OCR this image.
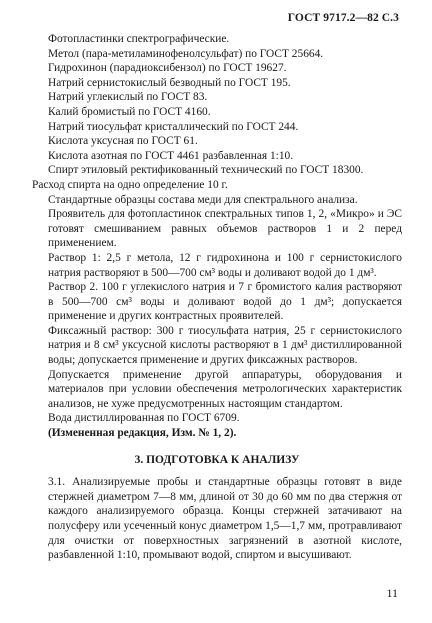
ГОСТ 9717.2—82 С.3
Фотопластинки спектрографические.
Метол (пара-метиламинофенолсульфат) по ГОСТ 25664.
Гидрохинон (парадиоксибензол) по ГОСТ 19627.
Натрий сернистокислый безводный по ГОСТ 195.
Натрий углекислый по ГОСТ 83.
Калий бромистый по ГОСТ 4160.
Натрий тиосульфат кристаллический по ГОСТ 244.
Кислота уксусная по ГОСТ 61.
Кислота азотная по ГОСТ 4461 разбавленная 1:10.
Спирт этиловый ректификованный технический по ГОСТ 18300.
Расход спирта на одно определение 10 г.
Стандартные образцы состава меди для спектрального анализа.
Проявитель для фотопластинок спектральных типов 1, 2, «Микро» и ЭС готовят смешиванием равных объемов растворов 1 и 2 перед применением.
Раствор 1: 2,5 г метола, 12 г гидрохинона и 100 г сернистокислого натрия растворяют в 500—700 см³ воды и доливают водой до 1 дм³.
Раствор 2. 100 г углекислого натрия и 7 г бромистого калия растворяют в 500—700 см³ воды и доливают водой до 1 дм³; допускается применение и других контрастных проявителей.
Фиксажный раствор: 300 г тиосульфата натрия, 25 г сернистокислого натрия и 8 см³ уксусной кислоты растворяют в 1 дм³ дистиллированной воды; допускается применение и других фиксажных растворов.
Допускается применение другой аппаратуры, оборудования и материалов при условии обеспечения метрологических характеристик анализов, не хуже предусмотренных настоящим стандартом.
Вода дистиллированная по ГОСТ 6709.
(Измененная редакция, Изм. № 1, 2).
3. ПОДГОТОВКА К АНАЛИЗУ
3.1. Анализируемые пробы и стандартные образцы готовят в виде стержней диаметром 7—8 мм, длиной от 30 до 60 мм по два стержня от каждого анализируемого образца. Концы стержней затачивают на полусферу или усеченный конус диаметром 1,5—1,7 мм, протравливают для очистки от поверхностных загрязнений в азотной кислоте, разбавленной 1:10, промывают водой, спиртом и высушивают.
11
